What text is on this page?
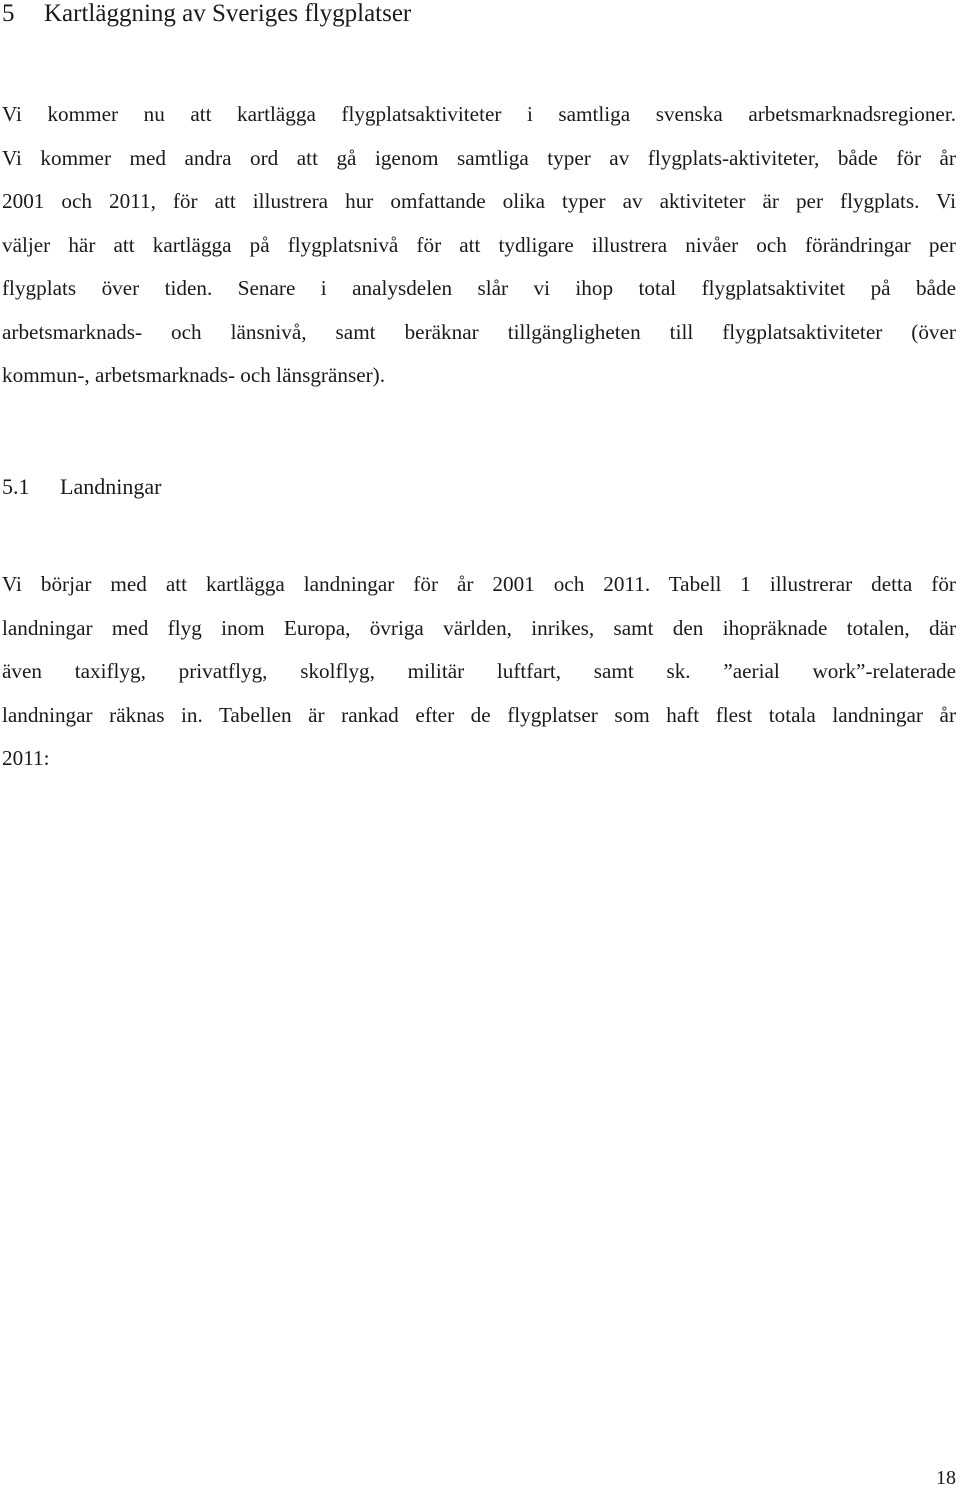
5 Kartläggning av Sveriges flygplatser

Vi kommer nu att kartlägga flygplatsaktiviteter i samtliga svenska arbetsmarknadsregioner.
Vi kommer med andra ord att gå igenom samtliga typer av flygplats-aktiviteter, både för år
2001 och 2011, för att illustrera hur omfattande olika typer av aktiviteter är per flygplats. Vi
väljer här att kartlägga på flygplatsnivå för att tydligare illustrera nivåer och förändringar per
flygplats över tiden. Senare i analysdelen slår vi ihop total flygplatsaktivitet på både
arbetsmarknads- och länsnivå, samt beräknar tillgängligheten till flygplatsaktiviteter (över
kommun-, arbetsmarknads- och länsgränser).

5.1 Landningar

Vi börjar med att kartlägga landningar för år 2001 och 2011. Tabell 1 illustrerar detta för
landningar med flyg inom Europa, övriga världen, inrikes, samt den ihopräknade totalen, där
även taxiflyg, privatflyg, skolflyg, militär luftfart, samt sk. ”aerial work”-relaterade
landningar räknas in. Tabellen är rankad efter de flygplatser som haft flest totala landningar år
2011:

18
